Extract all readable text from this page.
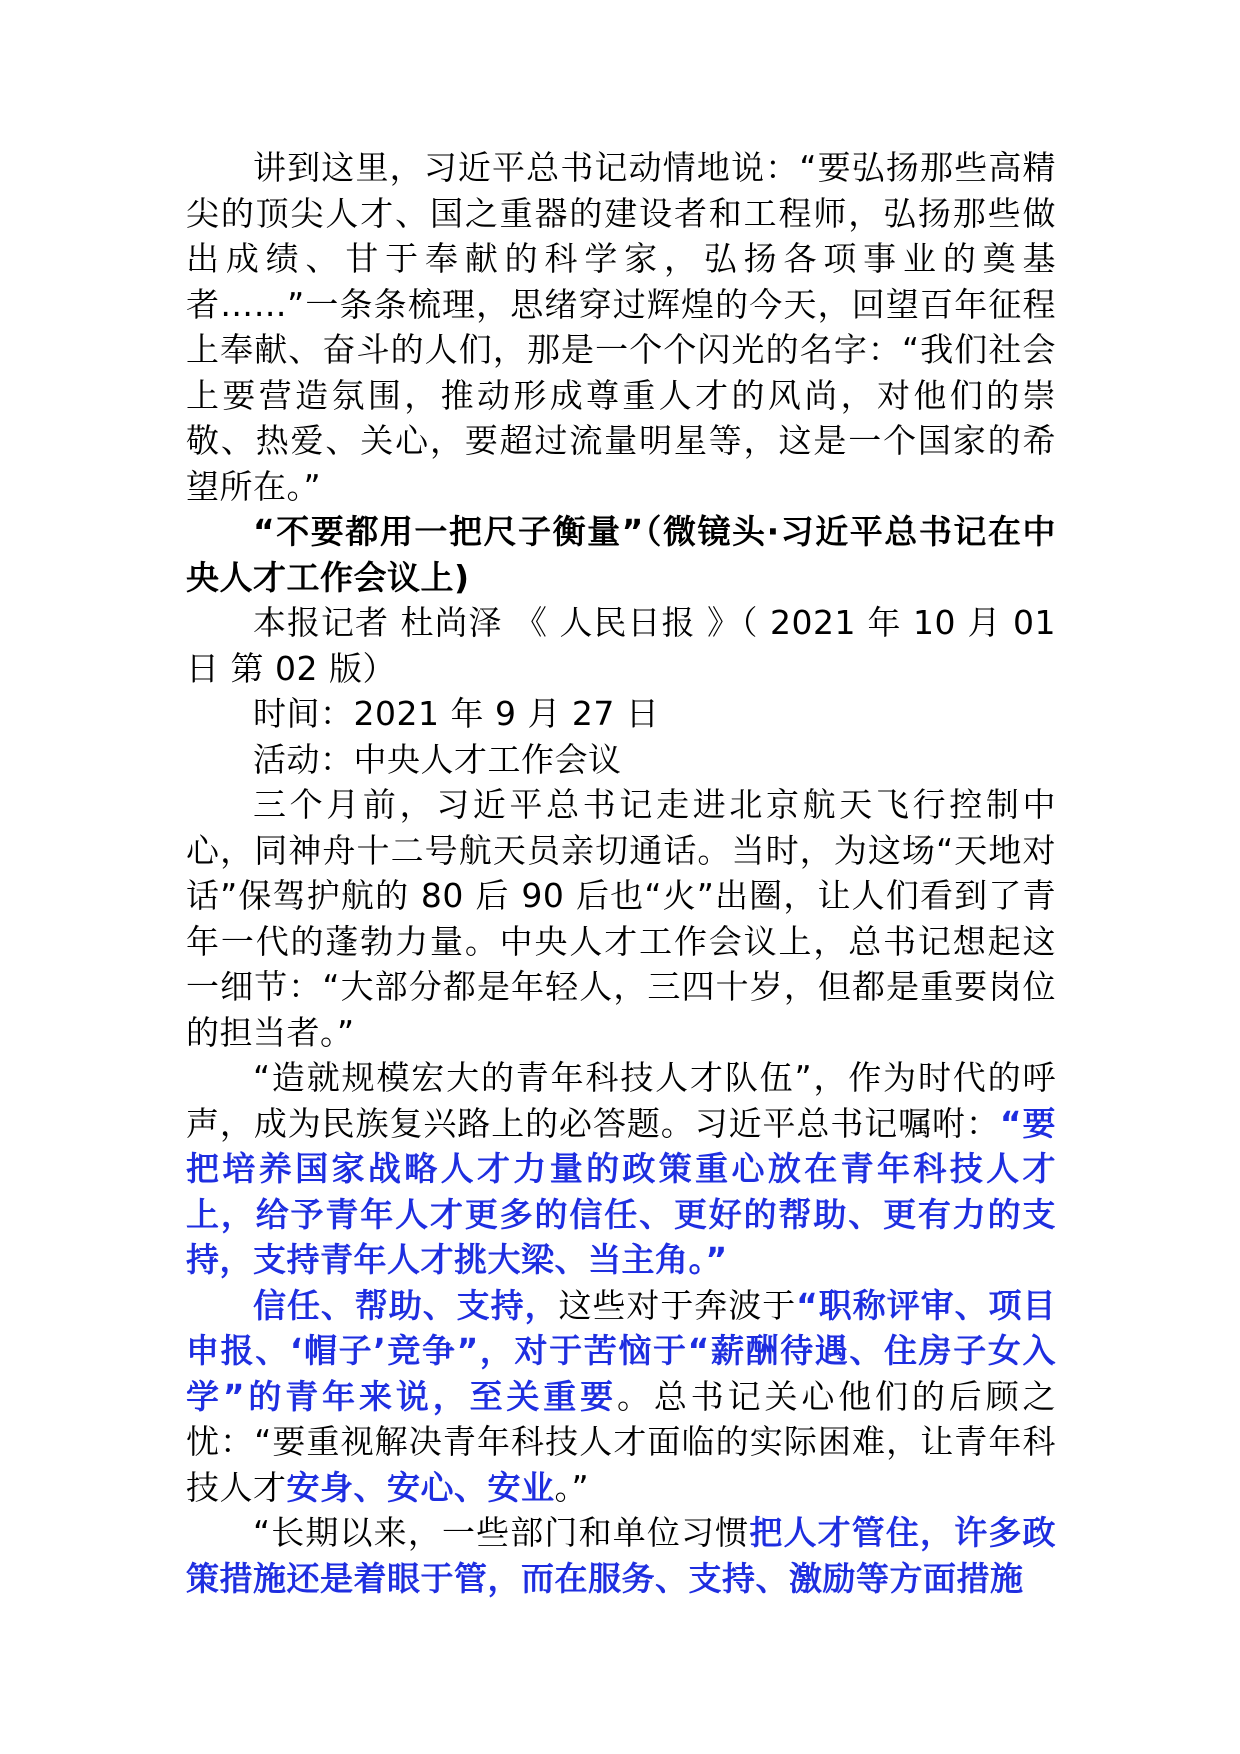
讲到这里，习近平总书记动情地说：“要弘扬那些高精尖的顶尖人才、国之重器的建设者和工程师，弘扬那些做出成绩、甘于奉献的科学家，弘扬各项事业的奠基者……”一条条梳理，思绪穿过辉煌的今天，回望百年征程上奉献、奋斗的人们，那是一个个闪光的名字：“我们社会上要营造氛围，推动形成尊重人才的风尚，对他们的崇敬、热爱、关心，要超过流量明星等，这是一个国家的希望所在。”

“不要都用一把尺子衡量”（微镜头·习近平总书记在中央人才工作会议上)

本报记者 杜尚泽 《 人民日报 》（ 2021 年 10 月 01 日 第 02 版）

时间：2021 年 9 月 27 日

活动：中央人才工作会议

三个月前，习近平总书记走进北京航天飞行控制中心，同神舟十二号航天员亲切通话。当时，为这场“天地对话”保驾护航的 80 后 90 后也“火”出圈，让人们看到了青年一代的蓬勃力量。中央人才工作会议上，总书记想起这一细节：“大部分都是年轻人，三四十岁，但都是重要岗位的担当者。”

“造就规模宏大的青年科技人才队伍”，作为时代的呼声，成为民族复兴路上的必答题。习近平总书记嘱咐：“要把培养国家战略人才力量的政策重心放在青年科技人才上，给予青年人才更多的信任、更好的帮助、更有力的支持，支持青年人才挑大梁、当主角。”

信任、帮助、支持，这些对于奔波于“职称评审、项目申报、‘帽子’竞争”，对于苦恼于“薪酬待遇、住房子女入学”的青年来说，至关重要。总书记关心他们的后顾之忧：“要重视解决青年科技人才面临的实际困难，让青年科技人才安身、安心、安业。”

“长期以来，一些部门和单位习惯把人才管住，许多政策措施还是着眼于管，而在服务、支持、激励等方面措施
